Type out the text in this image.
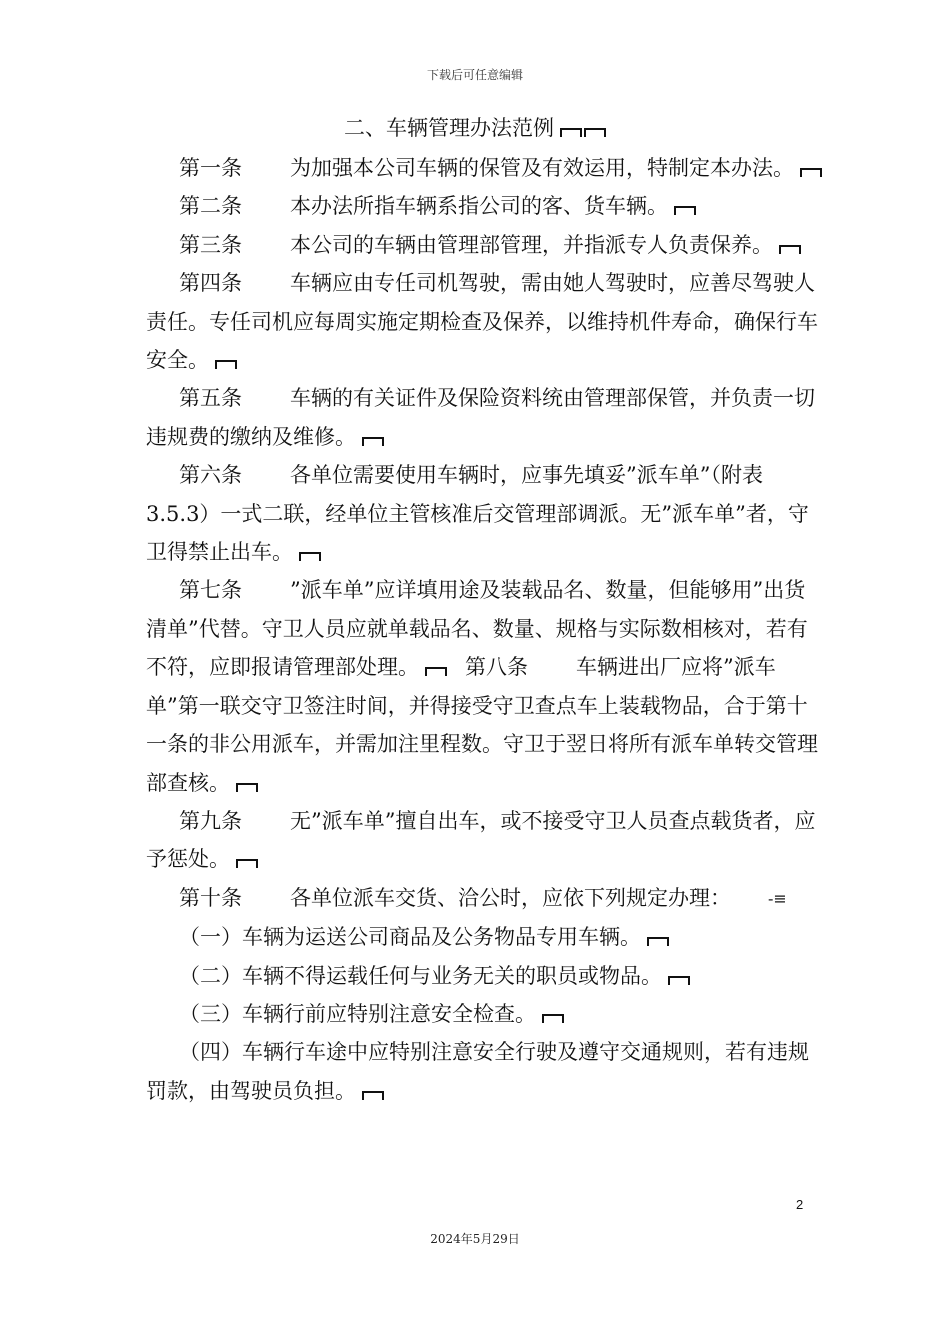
下载后可任意编辑
二、车辆管理办法范例

第一条 为加强本公司车辆的保管及有效运用，特制定本办法。

第二条 本办法所指车辆系指公司的客、货车辆。

第三条 本公司的车辆由管理部管理，并指派专人负责保养。

第四条 车辆应由专任司机驾驶，需由她人驾驶时，应善尽驾驶人责任。专任司机应每周实施定期检查及保养，以维持机件寿命，确保行车安全。

第五条 车辆的有关证件及保险资料统由管理部保管，并负责一切违规费的缴纳及维修。

第六条 各单位需要使用车辆时，应事先填妥”派车单”（附表3.5.3）一式二联，经单位主管核准后交管理部调派。无”派车单”者，守卫得禁止出车。

第七条 ”派车单”应详填用途及装载品名、数量，但能够用”出货清单”代替。守卫人员应就单载品名、数量、规格与实际数相核对，若有不符，应即报请管理部处理。 第八条 车辆进出厂应将”派车单”第一联交守卫签注时间，并得接受守卫查点车上装载物品，合于第十一条的非公用派车，并需加注里程数。守卫于翌日将所有派车单转交管理部查核。

第九条 无”派车单”擅自出车，或不接受守卫人员查点载货者，应予惩处。

第十条 各单位派车交货、洽公时，应依下列规定办理： -≡

（一）车辆为运送公司商品及公务物品专用车辆。

（二）车辆不得运载任何与业务无关的职员或物品。

（三）车辆行前应特别注意安全检查。

（四）车辆行车途中应特别注意安全行驶及遵守交通规则，若有违规罚款，由驾驶员负担。

2
2024年5月29日
